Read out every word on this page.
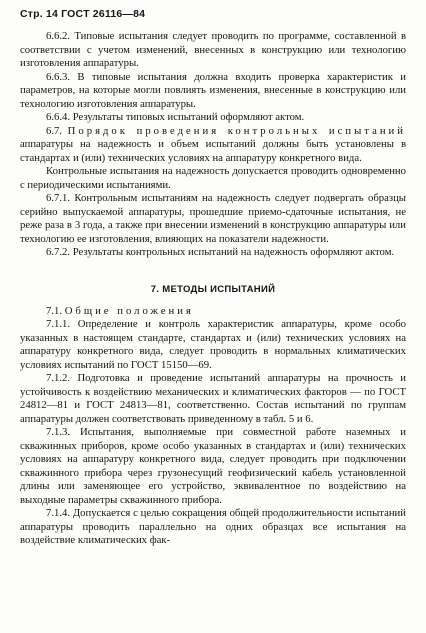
Стр. 14 ГОСТ 26116—84

6.6.2. Типовые испытания следует проводить по программе, составленной в соответствии с учетом изменений, внесенных в конструкцию или технологию изготовления аппаратуры.

6.6.3. В типовые испытания должна входить проверка характеристик и параметров, на которые могли повлиять изменения, внесенные в конструкцию или технологию изготовления аппаратуры.

6.6.4. Результаты типовых испытаний оформляют актом.

6.7. Порядок проведения контрольных испытаний аппаратуры на надежность и объем испытаний должны быть установлены в стандартах и (или) технических условиях на аппаратуру конкретного вида.

Контрольные испытания на надежность допускается проводить одновременно с периодическими испытаниями.

6.7.1. Контрольным испытаниям на надежность следует подвергать образцы серийно выпускаемой аппаратуры, прошедшие приемо-сдаточные испытания, не реже раза в 3 года, а также при внесении изменений в конструкцию аппаратуры или технологию ее изготовления, влияющих на показатели надежности.

6.7.2. Результаты контрольных испытаний на надежность оформляют актом.

7. МЕТОДЫ ИСПЫТАНИЙ

7.1. Общие положения

7.1.1. Определение и контроль характеристик аппаратуры, кроме особо указанных в настоящем стандарте, стандартах и (или) технических условиях на аппаратуру конкретного вида, следует проводить в нормальных климатических условиях испытаний по ГОСТ 15150—69.

7.1.2. Подготовка и проведение испытаний аппаратуры на прочность и устойчивость к воздействию механических и климатических факторов — по ГОСТ 24812—81 и ГОСТ 24813—81, соответственно. Состав испытаний по группам аппаратуры должен соответствовать приведенному в табл. 5 и 6.

7.1.3. Испытания, выполняемые при совместной работе наземных и скважинных приборов, кроме особо указанных в стандартах и (или) технических условиях на аппаратуру конкретного вида, следует проводить при подключении скважинного прибора через грузонесущий геофизический кабель установленной длины или заменяющее его устройство, эквивалентное по воздействию на выходные параметры скважинного прибора.

7.1.4. Допускается с целью сокращения общей продолжительности испытаний аппаратуры проводить параллельно на одних образцах все испытания на воздействие климатических фак-
